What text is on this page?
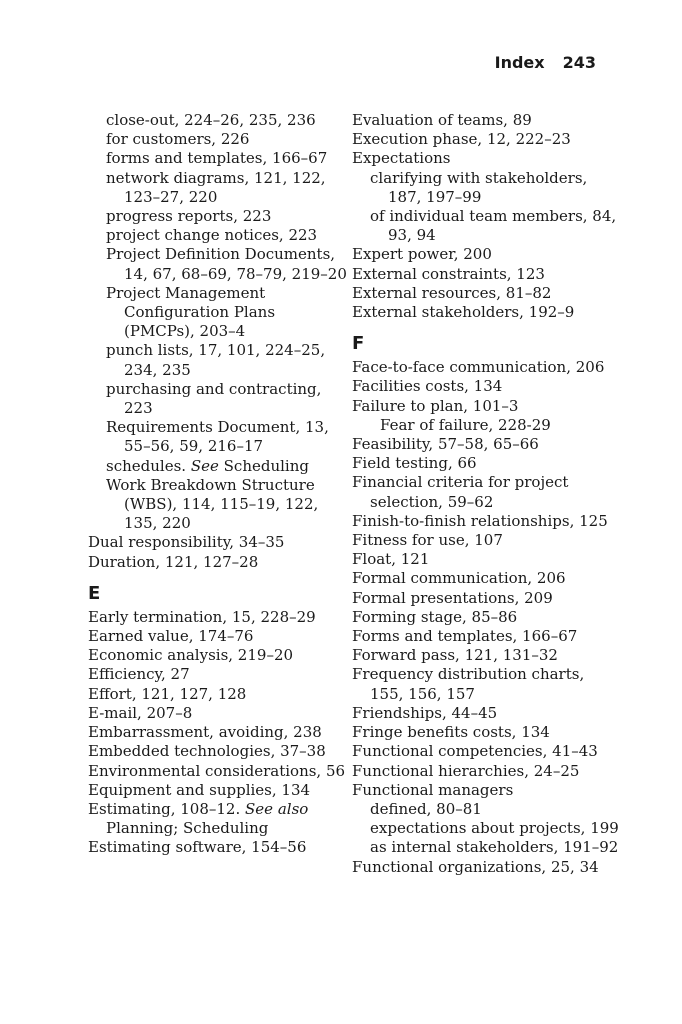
Index 243

close-out, 224–26, 235, 236

for customers, 226

forms and templates, 166–67

network diagrams, 121, 122, 123–27, 220

progress reports, 223

project change notices, 223

Project Definition Documents, 14, 67, 68–69, 78–79, 219–20

Project Management Configuration Plans (PMCPs), 203–4

punch lists, 17, 101, 224–25, 234, 235

purchasing and contracting, 223

Requirements Document, 13, 55–56, 59, 216–17

schedules. See Scheduling

Work Breakdown Structure (WBS), 114, 115–19, 122, 135, 220

Dual responsibility, 34–35

Duration, 121, 127–28

E

Early termination, 15, 228–29

Earned value, 174–76

Economic analysis, 219–20

Efficiency, 27

Effort, 121, 127, 128

E-mail, 207–8

Embarrassment, avoiding, 238

Embedded technologies, 37–38

Environmental considerations, 56

Equipment and supplies, 134

Estimating, 108–12. See also Planning; Scheduling

Estimating software, 154–56

Evaluation of teams, 89

Execution phase, 12, 222–23

Expectations

clarifying with stakeholders, 187, 197–99

of individual team members, 84, 93, 94

Expert power, 200

External constraints, 123

External resources, 81–82

External stakeholders, 192–9

F

Face-to-face communication, 206

Facilities costs, 134

Failure to plan, 101–3

Fear of failure, 228-29

Feasibility, 57–58, 65–66

Field testing, 66

Financial criteria for project selection, 59–62

Finish-to-finish relationships, 125

Fitness for use, 107

Float, 121

Formal communication, 206

Formal presentations, 209

Forming stage, 85–86

Forms and templates, 166–67

Forward pass, 121, 131–32

Frequency distribution charts, 155, 156, 157

Friendships, 44–45

Fringe benefits costs, 134

Functional competencies, 41–43

Functional hierarchies, 24–25

Functional managers

defined, 80–81

expectations about projects, 199

as internal stakeholders, 191–92

Functional organizations, 25, 34
